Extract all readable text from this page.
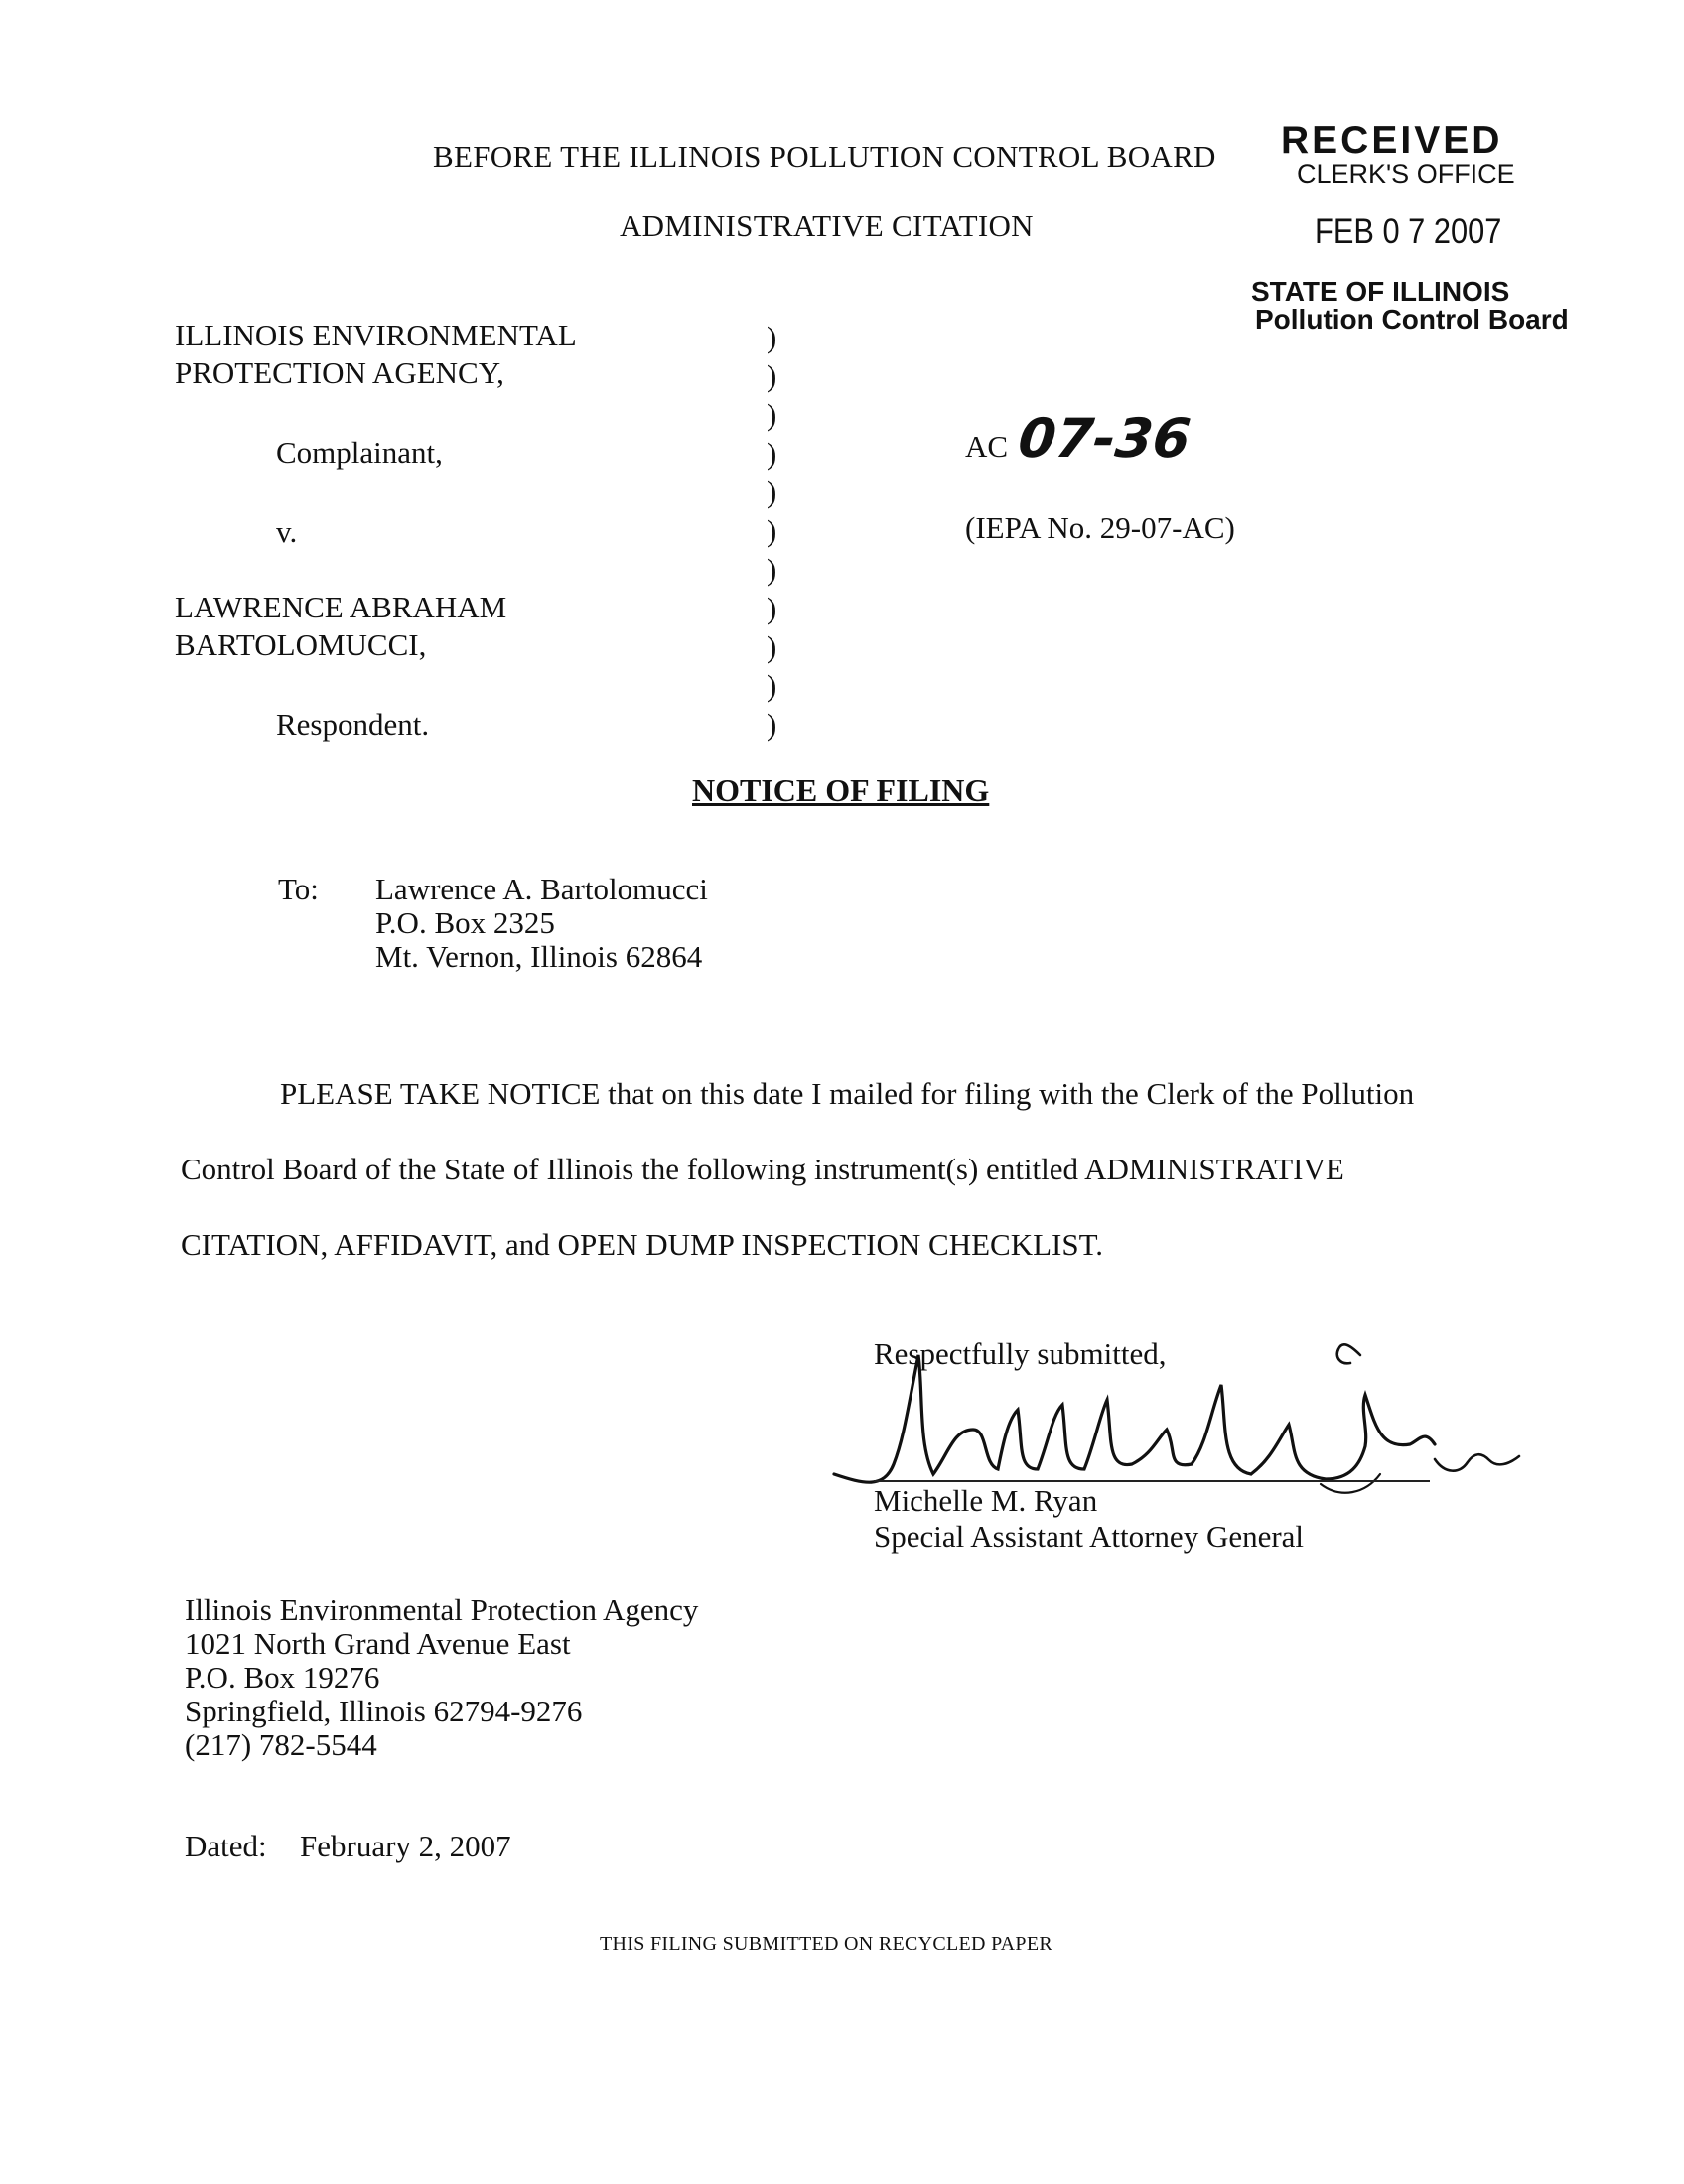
BEFORE THE ILLINOIS POLLUTION CONTROL BOARD
ADMINISTRATIVE CITATION
RECEIVED
CLERK'S OFFICE
FEB 0 7 2007
STATE OF ILLINOIS
Pollution Control Board
ILLINOIS ENVIRONMENTAL
PROTECTION AGENCY,
Complainant,
v.
LAWRENCE ABRAHAM
BARTOLOMUCCI,
Respondent.
)
)
)
)
)
)
)
)
)
)
)
AC 07-36
(IEPA No. 29-07-AC)
NOTICE OF FILING
To: Lawrence A. Bartolomucci
P.O. Box 2325
Mt. Vernon, Illinois 62864
PLEASE TAKE NOTICE that on this date I mailed for filing with the Clerk of the Pollution
Control Board of the State of Illinois the following instrument(s) entitled ADMINISTRATIVE
CITATION, AFFIDAVIT, and OPEN DUMP INSPECTION CHECKLIST.
Respectfully submitted,
Michelle M. Ryan
Special Assistant Attorney General
Illinois Environmental Protection Agency
1021 North Grand Avenue East
P.O. Box 19276
Springfield, Illinois 62794-9276
(217) 782-5544
Dated: February 2, 2007
THIS FILING SUBMITTED ON RECYCLED PAPER
